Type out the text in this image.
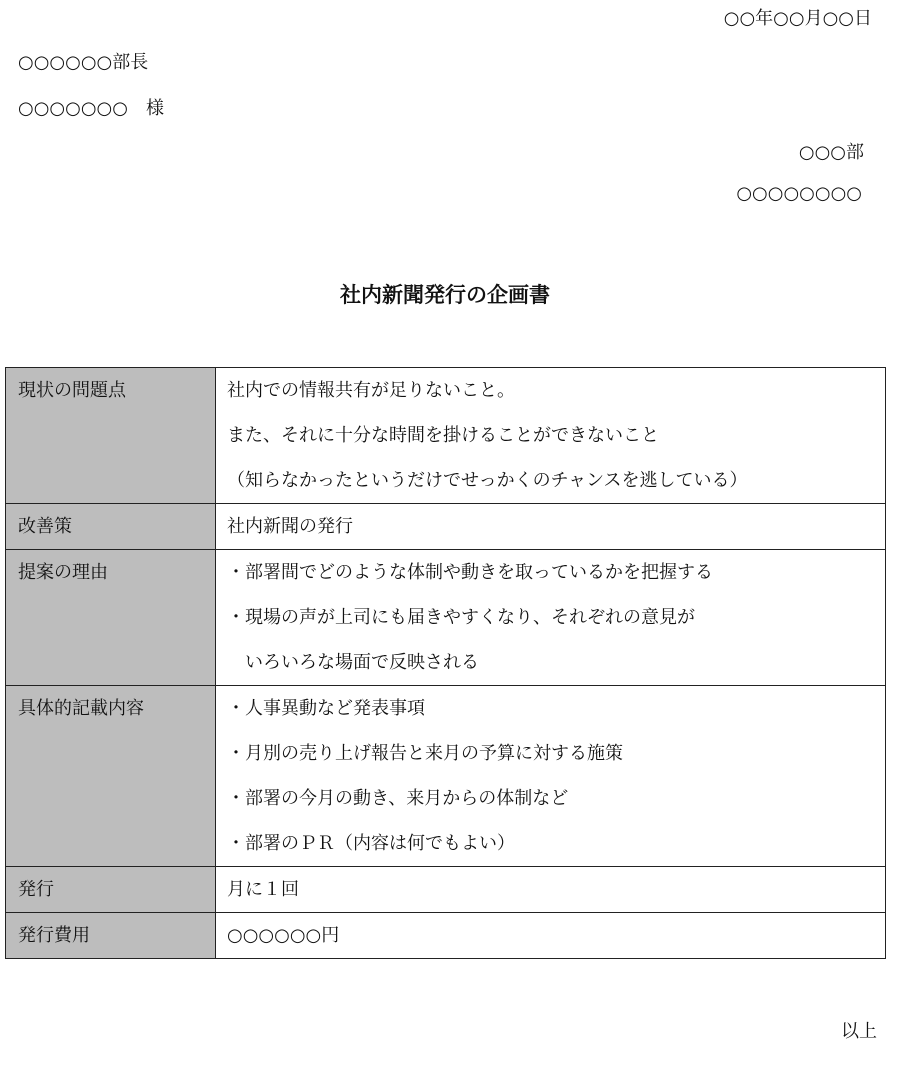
○○年○○月○○日
○○○○○○部長
○○○○○○○　様
○○○部
○○○○○○○○
社内新聞発行の企画書
現状の問題点	社内での情報共有が足りないこと。
また、それに十分な時間を掛けることができないこと
（知らなかったというだけでせっかくのチャンスを逃している）

改善策	社内新聞の発行

提案の理由	・部署間でどのような体制や動きを取っているかを把握する
・現場の声が上司にも届きやすくなり、それぞれの意見が
　いろいろな場面で反映される

具体的記載内容	・人事異動など発表事項
・月別の売り上げ報告と来月の予算に対する施策
・部署の今月の動き、来月からの体制など
・部署のＰＲ（内容は何でもよい）

発行	月に１回

発行費用	○○○○○○円
以上
